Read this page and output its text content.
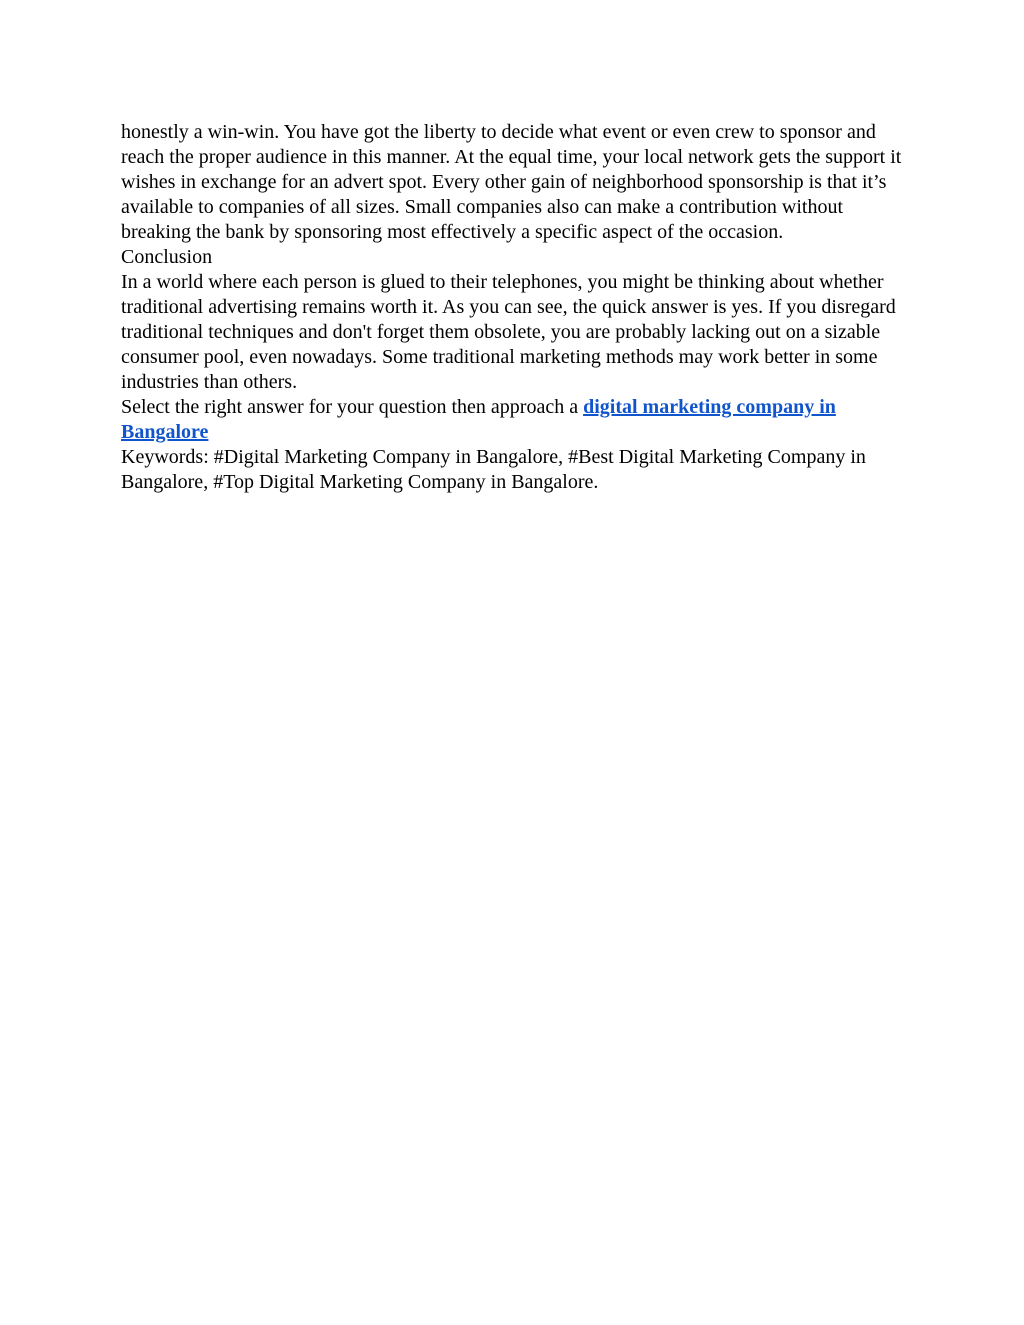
honestly a win-win. You have got the liberty to decide what event or even crew to sponsor and reach the proper audience in this manner. At the equal time, your local network gets the support it wishes in exchange for an advert spot. Every other gain of neighborhood sponsorship is that it’s available to companies of all sizes. Small companies also can make a contribution without breaking the bank by sponsoring most effectively a specific aspect of the occasion.

Conclusion

In a world where each person is glued to their telephones, you might be thinking about whether traditional advertising remains worth it. As you can see, the quick answer is yes. If you disregard traditional techniques and don't forget them obsolete, you are probably lacking out on a sizable consumer pool, even nowadays. Some traditional marketing methods may work better in some industries than others.

Select the right answer for your question then approach a digital marketing company in Bangalore

Keywords: #Digital Marketing Company in Bangalore, #Best Digital Marketing Company in Bangalore, #Top Digital Marketing Company in Bangalore.
